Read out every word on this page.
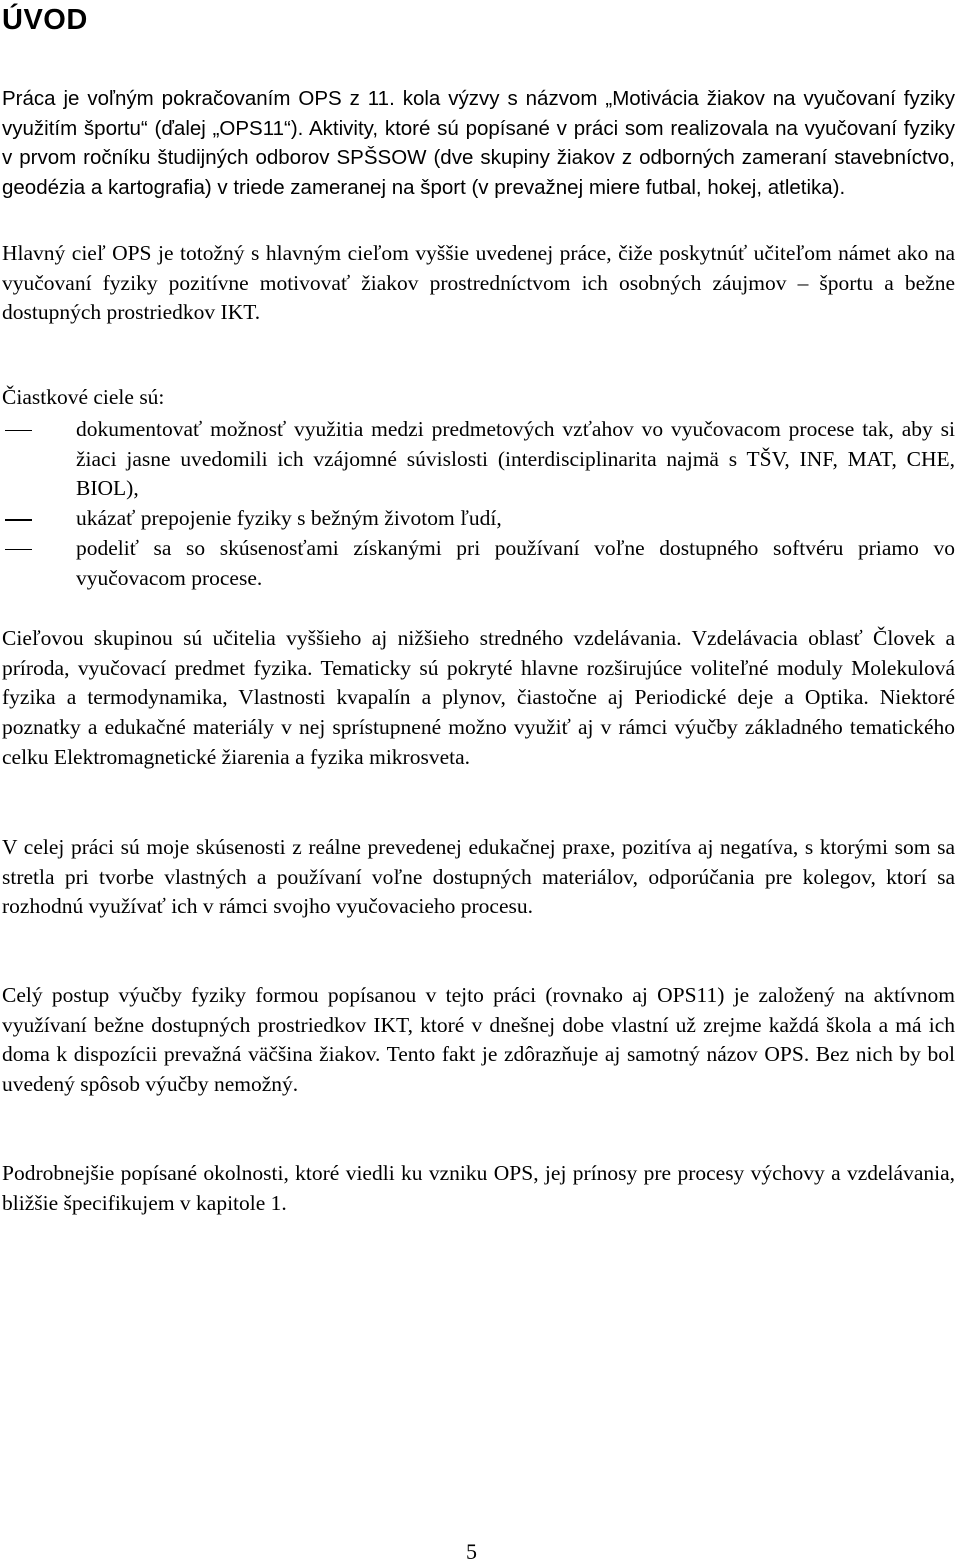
ÚVOD

Práca je voľným pokračovaním OPS z 11. kola výzvy s názvom „Motivácia žiakov na vyučovaní fyziky využitím športu“ (ďalej „OPS11“). Aktivity, ktoré sú popísané v práci som realizovala na vyučovaní fyziky v prvom ročníku študijných odborov SPŠSOW (dve skupiny žiakov z odborných zameraní stavebníctvo, geodézia a kartografia) v triede zameranej na šport (v prevažnej miere futbal, hokej, atletika).

Hlavný cieľ OPS je totožný s hlavným cieľom vyššie uvedenej práce, čiže poskytnúť učiteľom námet ako na vyučovaní fyziky pozitívne motivovať žiakov prostredníctvom ich osobných záujmov – športu a bežne dostupných prostriedkov IKT.

Čiastkové ciele sú:

dokumentovať možnosť využitia medzi predmetových vzťahov vo vyučovacom procese tak, aby si žiaci jasne uvedomili ich vzájomné súvislosti (interdisciplinarita najmä s TŠV, INF, MAT, CHE, BIOL),
ukázať prepojenie fyziky s bežným životom ľudí,
podeliť sa so skúsenosťami získanými pri používaní voľne dostupného softvéru priamo vo vyučovacom procese.

Cieľovou skupinou sú učitelia vyššieho aj nižšieho stredného vzdelávania. Vzdelávacia oblasť Človek a príroda, vyučovací predmet fyzika. Tematicky sú pokryté hlavne rozširujúce voliteľné moduly Molekulová fyzika a termodynamika, Vlastnosti kvapalín a plynov, čiastočne aj Periodické deje a Optika. Niektoré poznatky a edukačné materiály v nej sprístupnené možno využiť aj v rámci výučby základného tematického celku Elektromagnetické žiarenia a fyzika mikrosveta.

V celej práci sú moje skúsenosti z reálne prevedenej edukačnej praxe, pozitíva aj negatíva, s ktorými som sa stretla pri tvorbe vlastných a používaní voľne dostupných materiálov, odporúčania pre kolegov, ktorí sa rozhodnú využívať ich v rámci svojho vyučovacieho procesu.

Celý postup výučby fyziky formou popísanou v tejto práci (rovnako aj OPS11) je založený na aktívnom využívaní bežne dostupných prostriedkov IKT, ktoré v dnešnej dobe vlastní už zrejme každá škola a má ich doma k dispozícii prevažná väčšina žiakov. Tento fakt je zdôrazňuje aj samotný názov OPS. Bez nich by bol uvedený spôsob výučby nemožný.

Podrobnejšie popísané okolnosti, ktoré viedli ku vzniku OPS, jej prínosy pre procesy výchovy a vzdelávania, bližšie špecifikujem v kapitole 1.

5
